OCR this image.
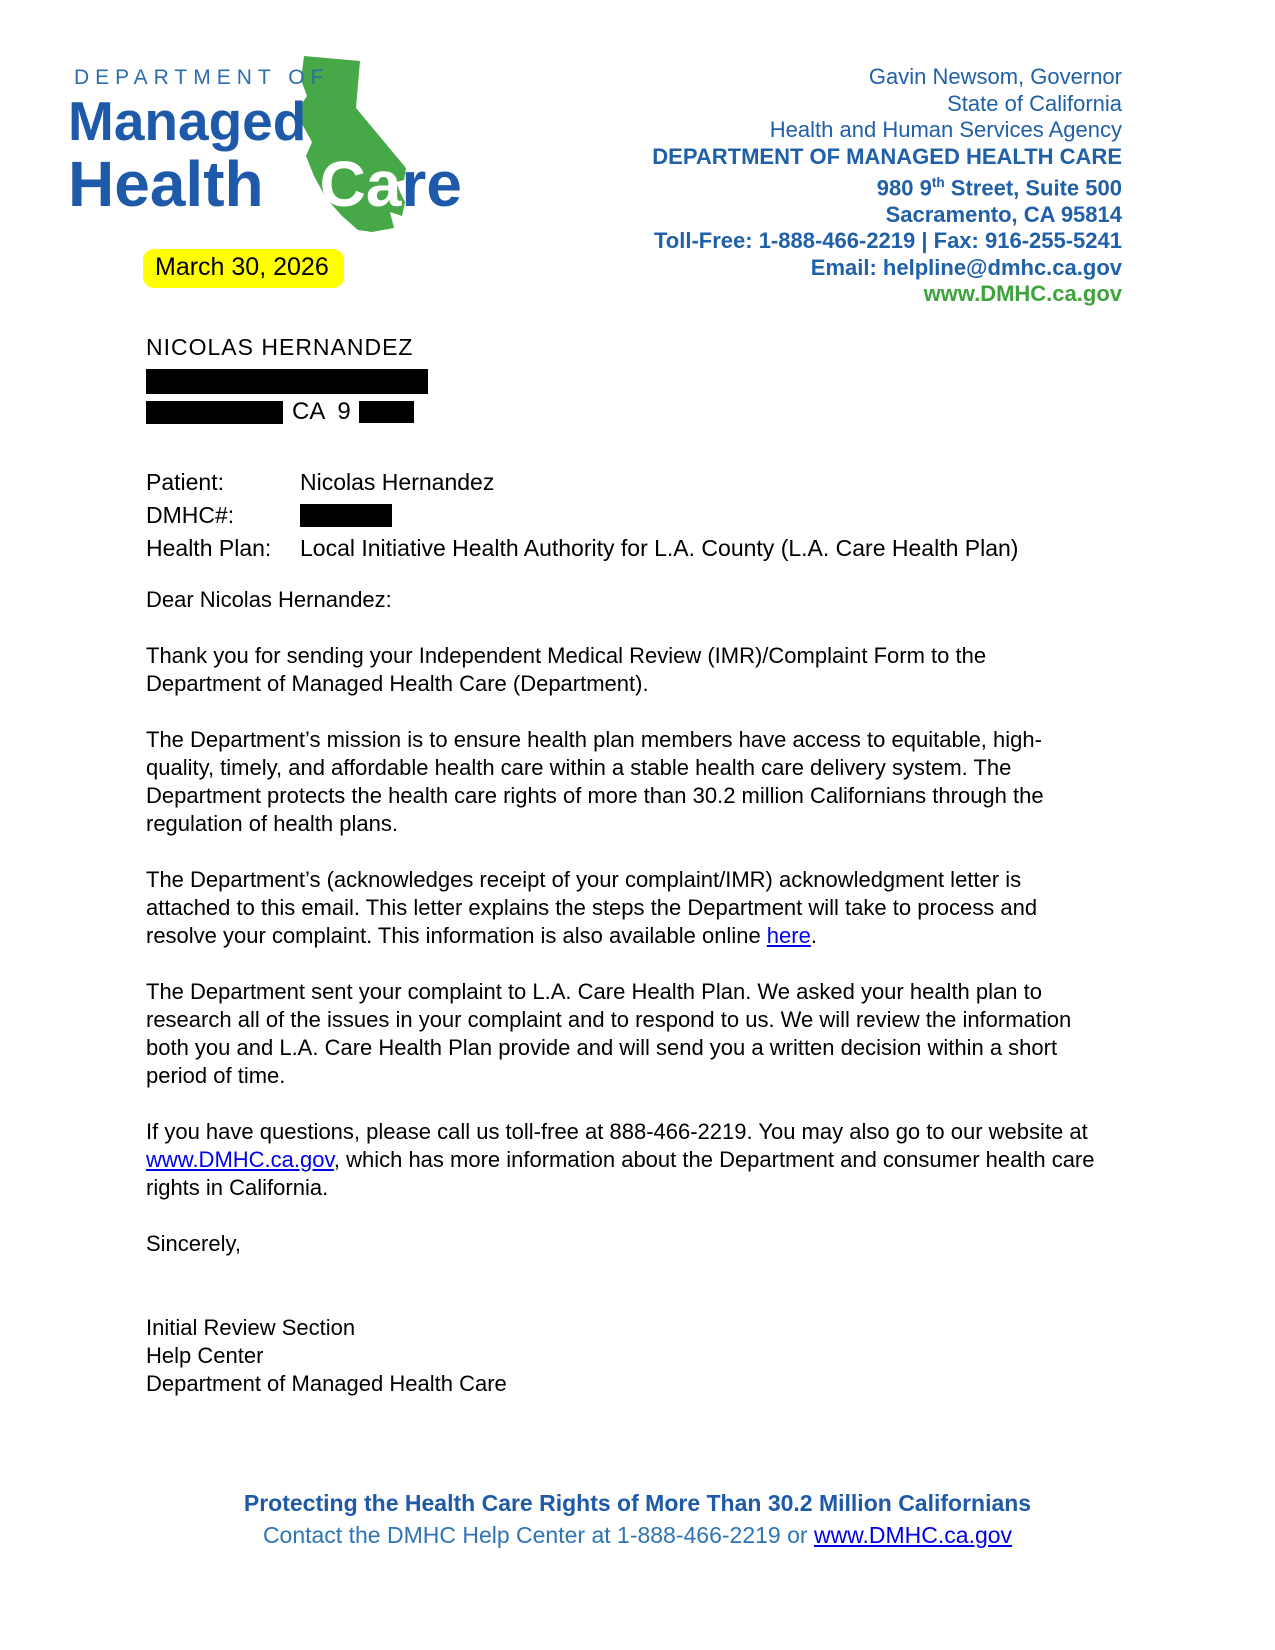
DEPARTMENT OF
Managed
Health Care
Gavin Newsom, Governor
State of California
Health and Human Services Agency
DEPARTMENT OF MANAGED HEALTH CARE
980 9th Street, Suite 500
Sacramento, CA 95814
Toll-Free: 1-888-466-2219 | Fax: 916-255-5241
Email: helpline@dmhc.ca.gov
www.DMHC.ca.gov
March 30, 2026
NICOLAS HERNANDEZ
CA  9
Patient:	Nicolas Hernandez
DMHC#:
Health Plan:	Local Initiative Health Authority for L.A. County (L.A. Care Health Plan)

Dear Nicolas Hernandez:

Thank you for sending your Independent Medical Review (IMR)/Complaint Form to the Department of Managed Health Care (Department).

The Department’s mission is to ensure health plan members have access to equitable, high-quality, timely, and affordable health care within a stable health care delivery system. The Department protects the health care rights of more than 30.2 million Californians through the regulation of health plans.

The Department’s (acknowledges receipt of your complaint/IMR) acknowledgment letter is attached to this email. This letter explains the steps the Department will take to process and resolve your complaint. This information is also available online here.

The Department sent your complaint to L.A. Care Health Plan. We asked your health plan to research all of the issues in your complaint and to respond to us. We will review the information both you and L.A. Care Health Plan provide and will send you a written decision within a short period of time.

If you have questions, please call us toll-free at 888-466-2219. You may also go to our website at www.DMHC.ca.gov, which has more information about the Department and consumer health care rights in California.

Sincerely,

Initial Review Section
Help Center
Department of Managed Health Care
Protecting the Health Care Rights of More Than 30.2 Million Californians
Contact the DMHC Help Center at 1-888-466-2219 or www.DMHC.ca.gov
